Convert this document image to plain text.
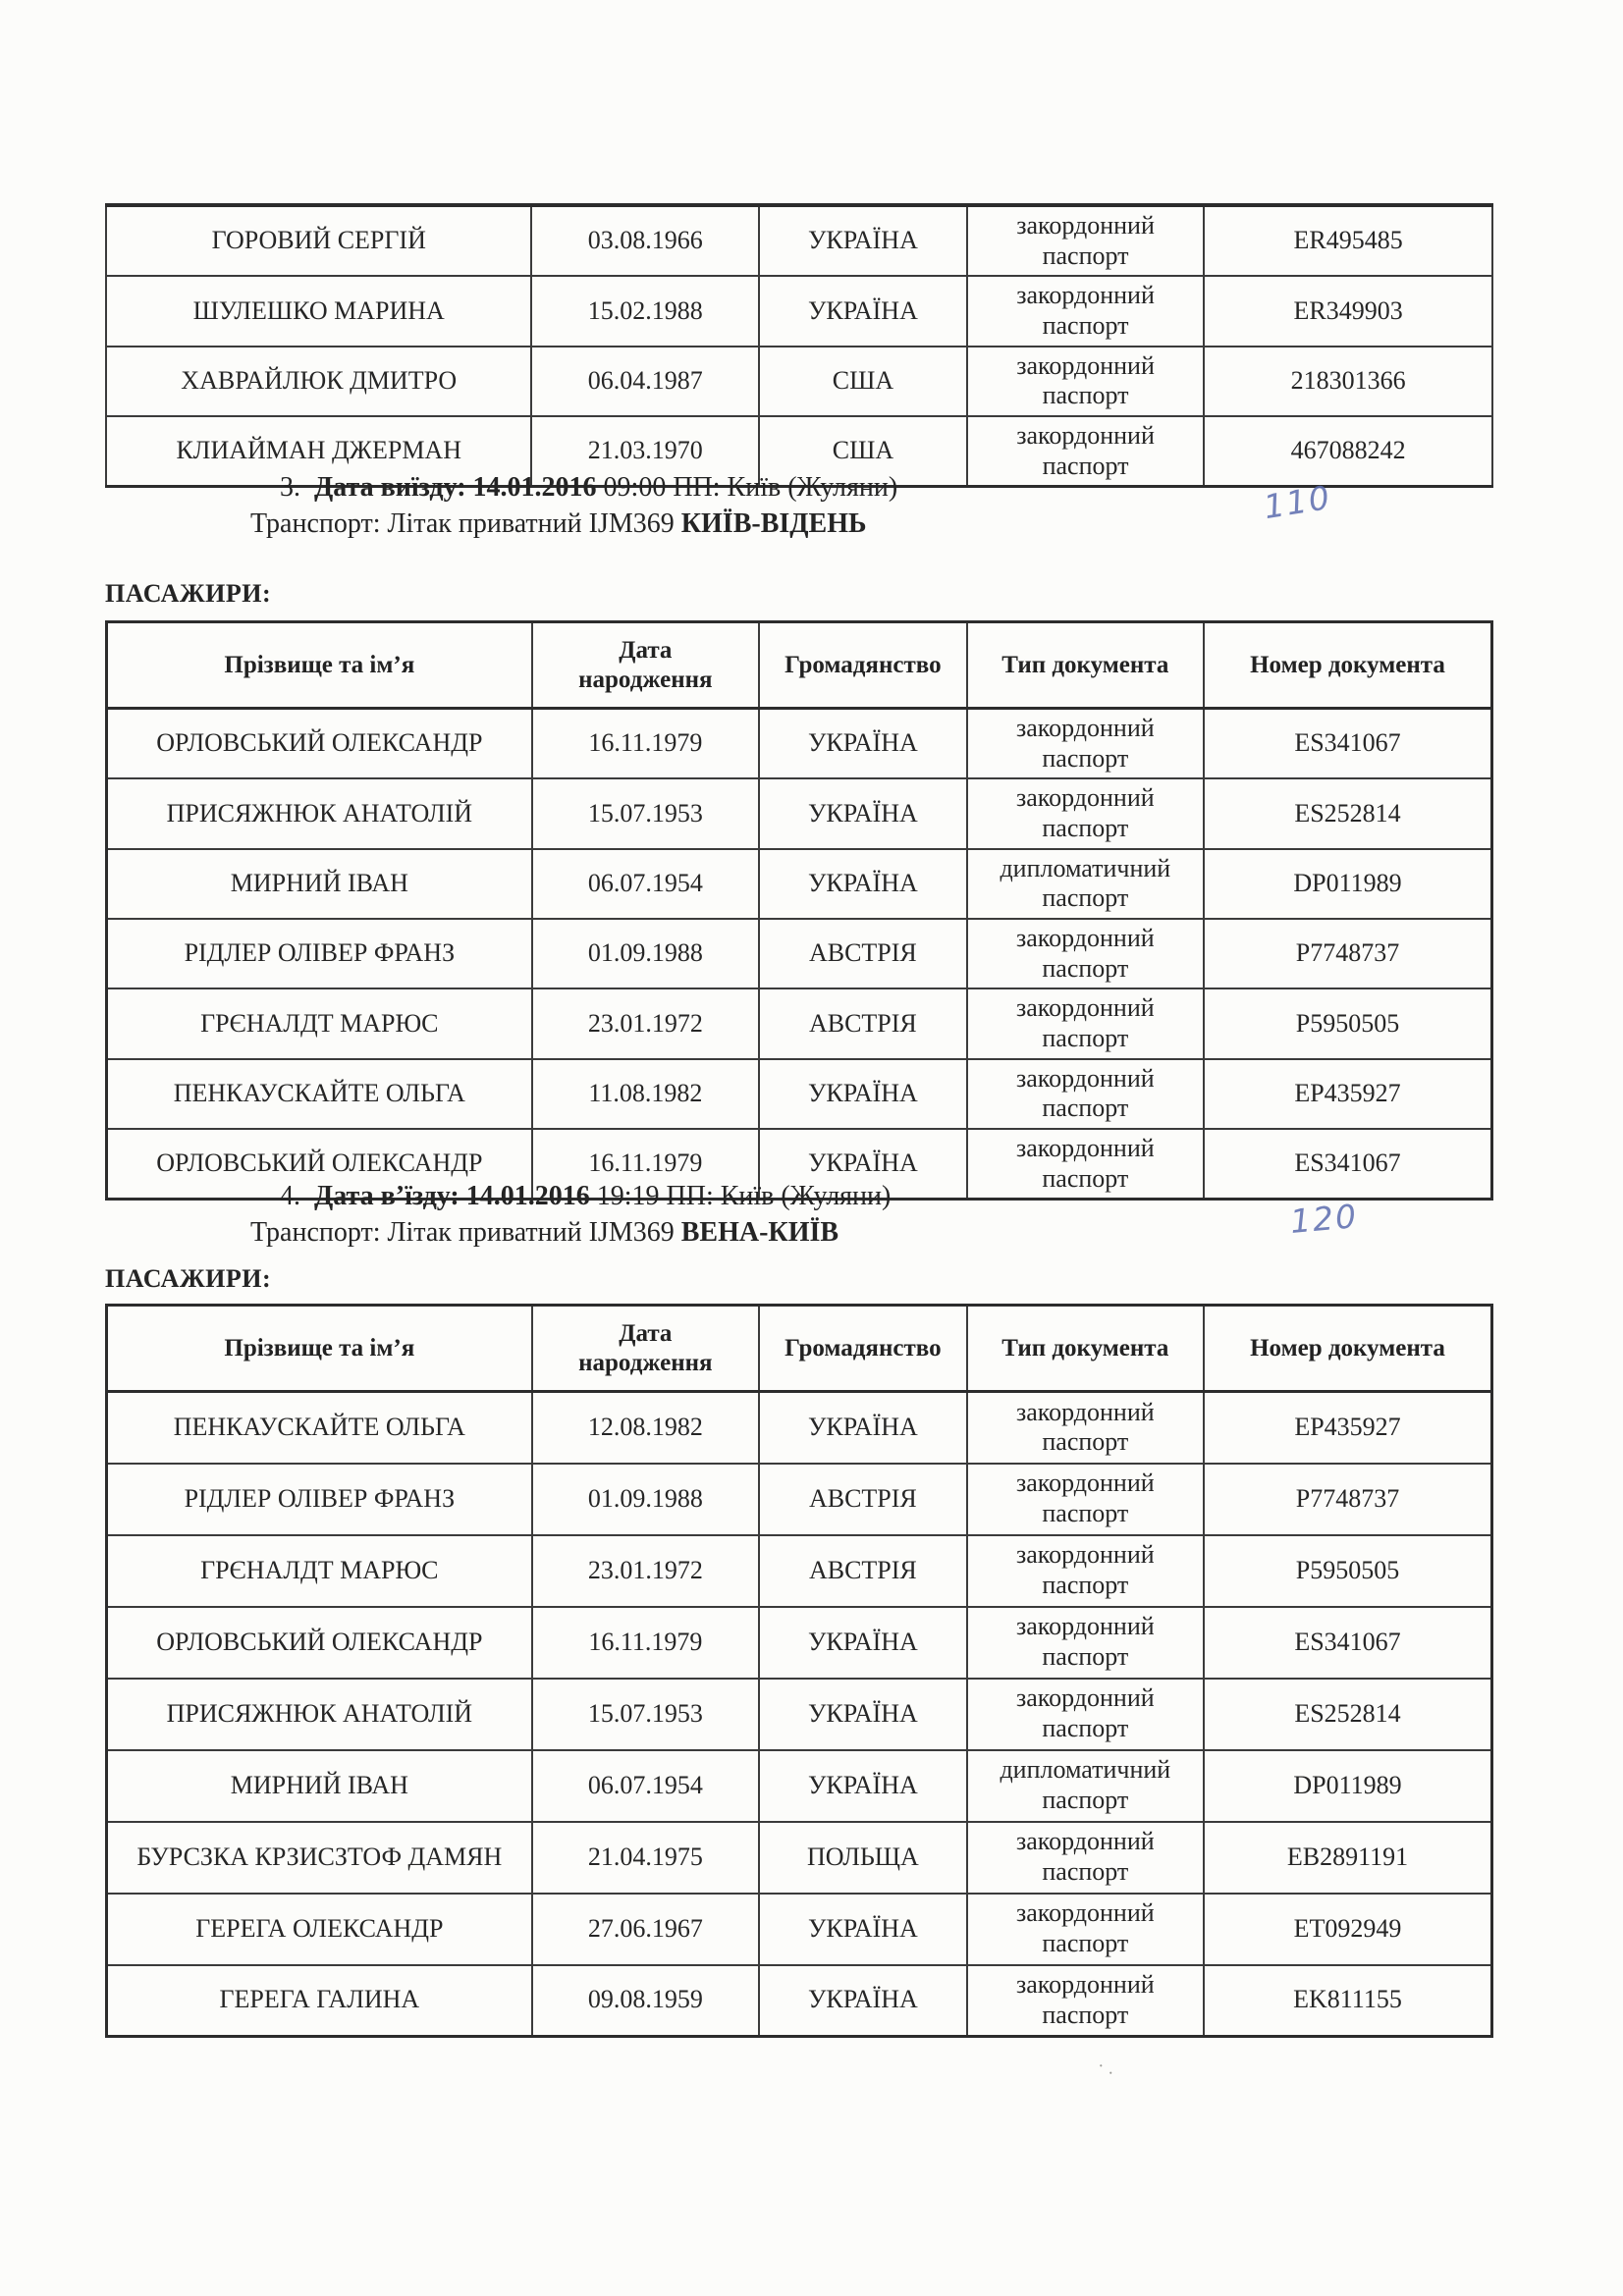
ГОРОВИЙ СЕРГІЙ	03.08.1966	УКРАЇНА	закордонний паспорт	ER495485
ШУЛЕШКО МАРИНА	15.02.1988	УКРАЇНА	закордонний паспорт	ER349903
ХАВРАЙЛЮК ДМИТРО	06.04.1987	США	закордонний паспорт	218301366
КЛИАЙМАН ДЖЕРМАН	21.03.1970	США	закордонний паспорт	467088242
3. Дата виїзду: 14.01.2016 09:00 ПП: Київ (Жуляни)
Транспорт: Літак приватний IJM369 КИЇВ-ВІДЕНЬ	110
ПАСАЖИРИ:
Прізвище та ім’я	Дата народження	Громадянство	Тип документа	Номер документа
ОРЛОВСЬКИЙ ОЛЕКСАНДР	16.11.1979	УКРАЇНА	закордонний паспорт	ES341067
ПРИСЯЖНЮК АНАТОЛІЙ	15.07.1953	УКРАЇНА	закордонний паспорт	ES252814
МИРНИЙ ІВАН	06.07.1954	УКРАЇНА	дипломатичний паспорт	DP011989
РІДЛЕР ОЛІВЕР ФРАНЗ	01.09.1988	АВСТРІЯ	закордонний паспорт	P7748737
ГРЄНАЛДТ МАРЮС	23.01.1972	АВСТРІЯ	закордонний паспорт	P5950505
ПЕНКАУСКАЙТЕ ОЛЬГА	11.08.1982	УКРАЇНА	закордонний паспорт	EP435927
ОРЛОВСЬКИЙ ОЛЕКСАНДР	16.11.1979	УКРАЇНА	закордонний паспорт	ES341067
4. Дата в’їзду: 14.01.2016 19:19 ПП: Київ (Жуляни)
Транспорт: Літак приватний IJM369 ВЕНА-КИЇВ	120
ПАСАЖИРИ:
Прізвище та ім’я	Дата народження	Громадянство	Тип документа	Номер документа
ПЕНКАУСКАЙТЕ ОЛЬГА	12.08.1982	УКРАЇНА	закордонний паспорт	EP435927
РІДЛЕР ОЛІВЕР ФРАНЗ	01.09.1988	АВСТРІЯ	закордонний паспорт	P7748737
ГРЄНАЛДТ МАРЮС	23.01.1972	АВСТРІЯ	закордонний паспорт	P5950505
ОРЛОВСЬКИЙ ОЛЕКСАНДР	16.11.1979	УКРАЇНА	закордонний паспорт	ES341067
ПРИСЯЖНЮК АНАТОЛІЙ	15.07.1953	УКРАЇНА	закордонний паспорт	ES252814
МИРНИЙ ІВАН	06.07.1954	УКРАЇНА	дипломатичний паспорт	DP011989
БУРСЗКА КРЗИСЗТОФ ДАМЯН	21.04.1975	ПОЛЬЩА	закордонний паспорт	EB2891191
ГЕРЕГА ОЛЕКСАНДР	27.06.1967	УКРАЇНА	закордонний паспорт	ET092949
ГЕРЕГА ГАЛИНА	09.08.1959	УКРАЇНА	закордонний паспорт	EK811155
·.
